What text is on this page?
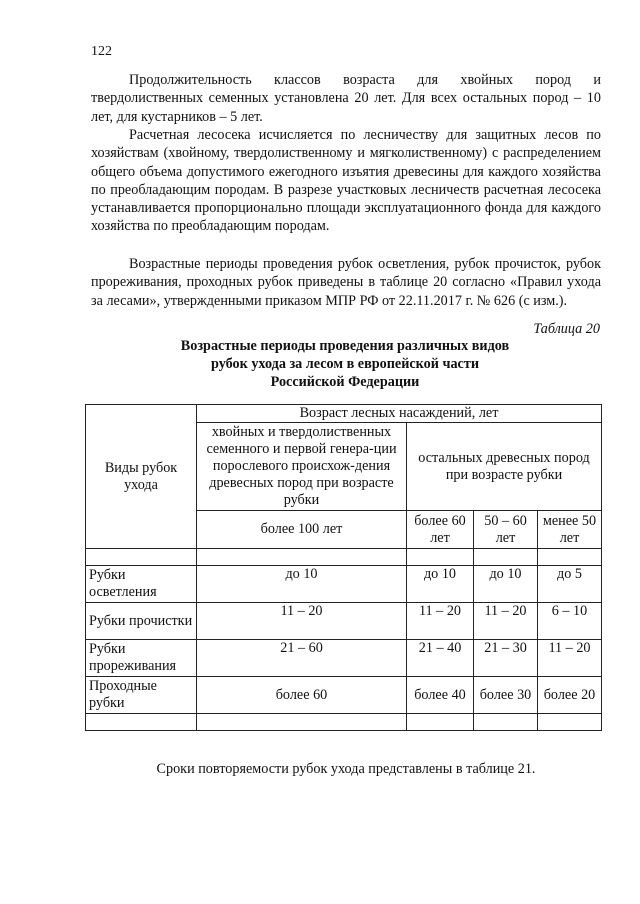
122

Продолжительность классов возраста для хвойных пород и твердолиственных семенных установлена 20 лет. Для всех остальных пород – 10 лет, для кустарников – 5 лет.

Расчетная лесосека исчисляется по лесничеству для защитных лесов по хозяйствам (хвойному, твердолиственному и мягколиственному) с распределением общего объема допустимого ежегодного изъятия древесины для каждого хозяйства по преобладающим породам. В разрезе участковых лесничеств расчетная лесосека устанавливается пропорционально площади эксплуатационного фонда для каждого хозяйства по преобладающим породам.

Возрастные периоды проведения рубок осветления, рубок прочисток, рубок прореживания, проходных рубок приведены в таблице 20 согласно «Правил ухода за лесами», утвержденными приказом МПР РФ от 22.11.2017 г. № 626 (с изм.).

Таблица 20
Возрастные периоды проведения различных видов
рубок ухода за лесом в европейской части
Российской Федерации
Виды рубок ухода	Возраст лесных насаждений, лет			
	хвойных и твердолиственных семенного и первой генера-ции порослевого происхож-дения древесных пород при возрасте рубки	остальных древесных пород при возрасте рубки		
	более 100 лет	более 60 лет	50 – 60 лет	менее 50 лет

Рубки осветления	до 10	до 10	до 10	до 5
Рубки прочистки	11 – 20	11 – 20	11 – 20	6 – 10
Рубки прореживания	21 – 60	21 – 40	21 – 30	11 – 20
Проходные рубки	более 60	более 40	более 30	более 20

Сроки повторяемости рубок ухода представлены в таблице 21.
